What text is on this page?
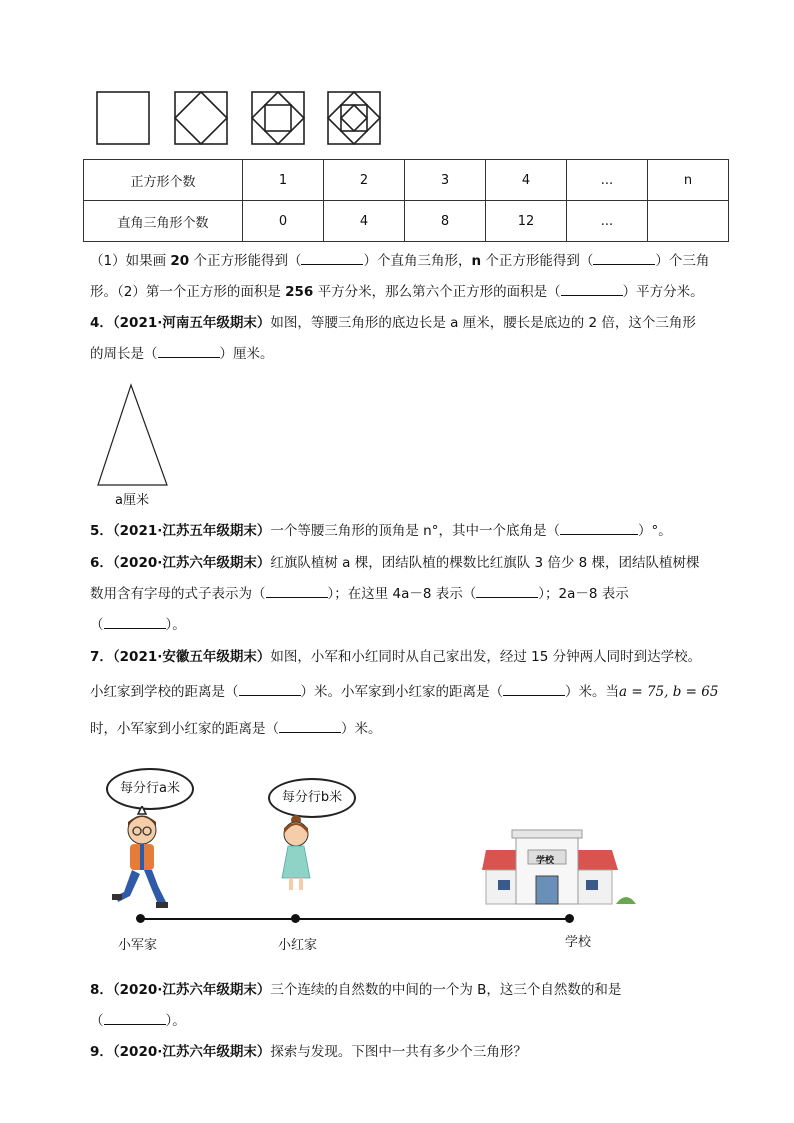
正方形个数	1	2	3	4	...	n
直角三角形个数	0	4	8	12	...	
（1）如果画 20 个正方形能得到（	）个直角三角形，n 个正方形能得到（	）个三角
形。（2）第一个正方形的面积是 256 平方分米，那么第六个正方形的面积是（	）平方分米。
4．（2021·河南五年级期末）如图，等腰三角形的底边长是 a 厘米，腰长是底边的 2 倍，这个三角形
的周长是（	）厘米。
a厘米
5．（2021·江苏五年级期末）一个等腰三角形的顶角是 n°，其中一个底角是（	）°。
6．（2020·江苏六年级期末）红旗队植树 a 棵，团结队植的棵数比红旗队 3 倍少 8 棵，团结队植树棵
数用含有字母的式子表示为（	）；在这里 4a－8 表示（	）；2a－8 表示
（	）。
7．（2021·安徽五年级期末）如图，小军和小红同时从自己家出发，经过 15 分钟两人同时到达学校。
小红家到学校的距离是（	）米。小军家到小红家的距离是（	）米。当a = 75, b = 65
时，小军家到小红家的距离是（	）米。
每分行a米
每分行b米
学校
小军家	小红家	学校
8．（2020·江苏六年级期末）三个连续的自然数的中间的一个为 B，这三个自然数的和是
（	）。
9．（2020·江苏六年级期末）探索与发现。下图中一共有多少个三角形？
